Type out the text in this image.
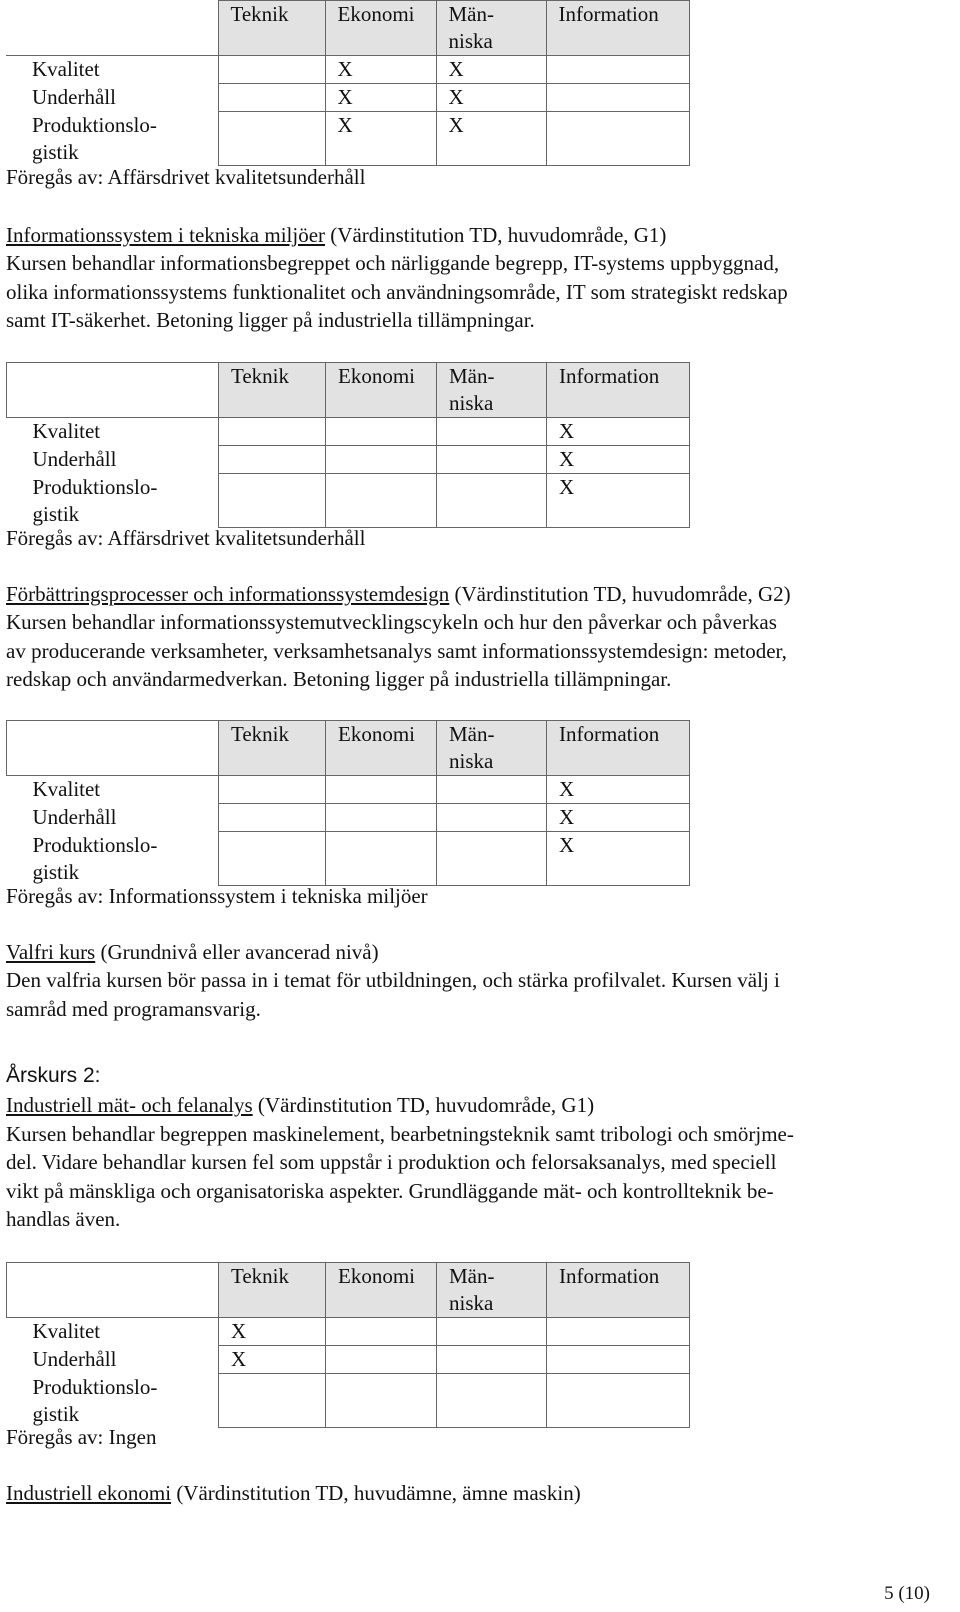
	Teknik	Ekonomi	Män-
niska	Information
Kvalitet		X	X	
Underhåll		X	X	
Produktionslo-
gistik		X	X	
Föregås av: Affärsdrivet kvalitetsunderhåll
Informationssystem i tekniska miljöer (Värdinstitution TD, huvudområde, G1)
Kursen behandlar informationsbegreppet och närliggande begrepp, IT-systems uppbyggnad,
olika informationssystems funktionalitet och användningsområde, IT som strategiskt redskap
samt IT-säkerhet. Betoning ligger på industriella tillämpningar.
	Teknik	Ekonomi	Män-
niska	Information
Kvalitet				X
Underhåll				X
Produktionslo-
gistik				X
Föregås av: Affärsdrivet kvalitetsunderhåll
Förbättringsprocesser och informationssystemdesign (Värdinstitution TD, huvudområde, G2)
Kursen behandlar informationssystemutvecklingscykeln och hur den påverkar och påverkas
av producerande verksamheter, verksamhetsanalys samt informationssystemdesign: metoder,
redskap och användarmedverkan. Betoning ligger på industriella tillämpningar.
	Teknik	Ekonomi	Män-
niska	Information
Kvalitet				X
Underhåll				X
Produktionslo-
gistik				X
Föregås av: Informationssystem i tekniska miljöer
Valfri kurs (Grundnivå eller avancerad nivå)
Den valfria kursen bör passa in i temat för utbildningen, och stärka profilvalet. Kursen välj i
samråd med programansvarig.
Årskurs 2:
Industriell mät- och felanalys (Värdinstitution TD, huvudområde, G1)
Kursen behandlar begreppen maskinelement, bearbetningsteknik samt tribologi och smörjme-
del. Vidare behandlar kursen fel som uppstår i produktion och felorsaksanalys, med speciell
vikt på mänskliga och organisatoriska aspekter. Grundläggande mät- och kontrollteknik be-
handlas även.
	Teknik	Ekonomi	Män-
niska	Information
Kvalitet	X			
Underhåll	X			
Produktionslo-
gistik				
Föregås av: Ingen
Industriell ekonomi (Värdinstitution TD, huvudämne, ämne maskin)
5 (10)
